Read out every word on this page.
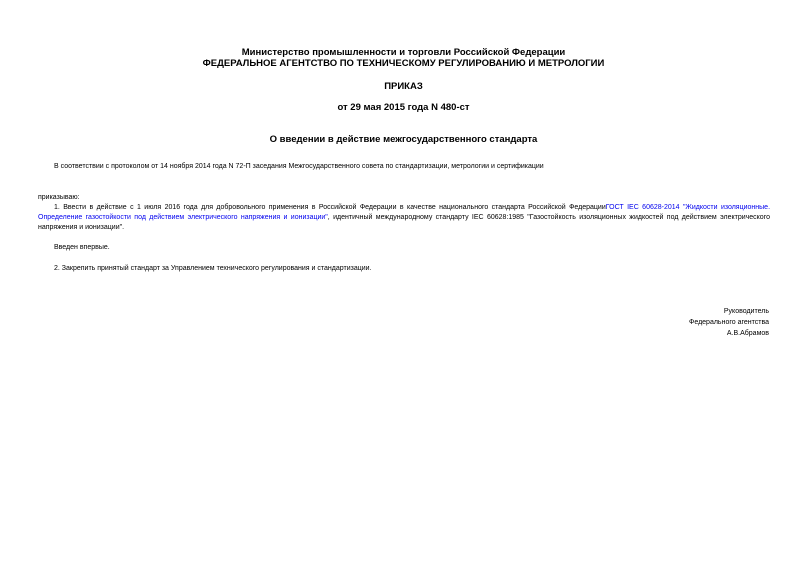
Министерство промышленности и торговли Российской Федерации
ФЕДЕРАЛЬНОЕ АГЕНТСТВО ПО ТЕХНИЧЕСКОМУ РЕГУЛИРОВАНИЮ И МЕТРОЛОГИИ
ПРИКАЗ
от 29 мая 2015 года N 480-ст
О введении в действие межгосударственного стандарта
В соответствии с протоколом от 14 ноября 2014 года N 72-П заседания Межгосударственного совета по стандартизации, метрологии и сертификации
приказываю:
1. Ввести в действие с 1 июля 2016 года для добровольного применения в Российской Федерации в качестве национального стандарта Российской ФедерацииГОСТ IEC 60628-2014 "Жидкости изоляционные. Определение газостойкости под действием электрического напряжения и ионизации", идентичный международному стандарту IEC 60628:1985 "Газостойкость изоляционных жидкостей под действием электрического напряжения и ионизации".
Введен впервые.
2. Закрепить принятый стандарт за Управлением технического регулирования и стандартизации.
Руководитель
Федерального агентства
А.В.Абрамов
